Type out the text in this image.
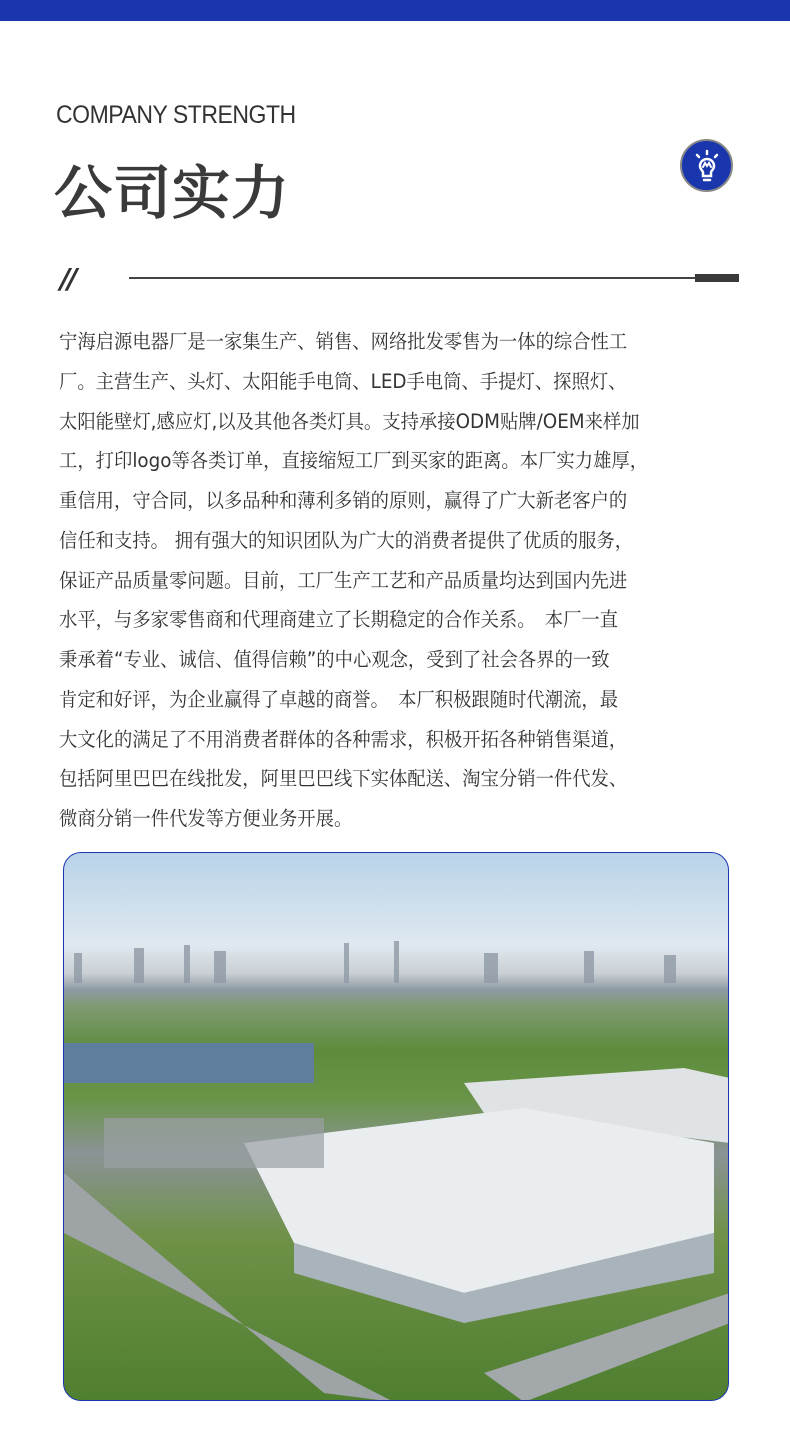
COMPANY STRENGTH
公司实力
//
宁海启源电器厂是一家集生产、销售、网络批发零售为一体的综合性工
厂。主营生产、头灯、太阳能手电筒、LED手电筒、手提灯、探照灯、
太阳能壁灯,感应灯,以及其他各类灯具。支持承接ODM贴牌/OEM来样加
工，打印logo等各类订单，直接缩短工厂到买家的距离。本厂实力雄厚，
重信用，守合同，以多品种和薄利多销的原则，赢得了广大新老客户的
信任和支持。 拥有强大的知识团队为广大的消费者提供了优质的服务，
保证产品质量零问题。目前，工厂生产工艺和产品质量均达到国内先进
水平，与多家零售商和代理商建立了长期稳定的合作关系。　本厂一直
秉承着“专业、诚信、值得信赖”的中心观念，受到了社会各界的一致
肯定和好评，为企业赢得了卓越的商誉。　本厂积极跟随时代潮流，最
大文化的满足了不用消费者群体的各种需求，积极开拓各种销售渠道，
包括阿里巴巴在线批发，阿里巴巴线下实体配送、淘宝分销一件代发、
微商分销一件代发等方便业务开展。
